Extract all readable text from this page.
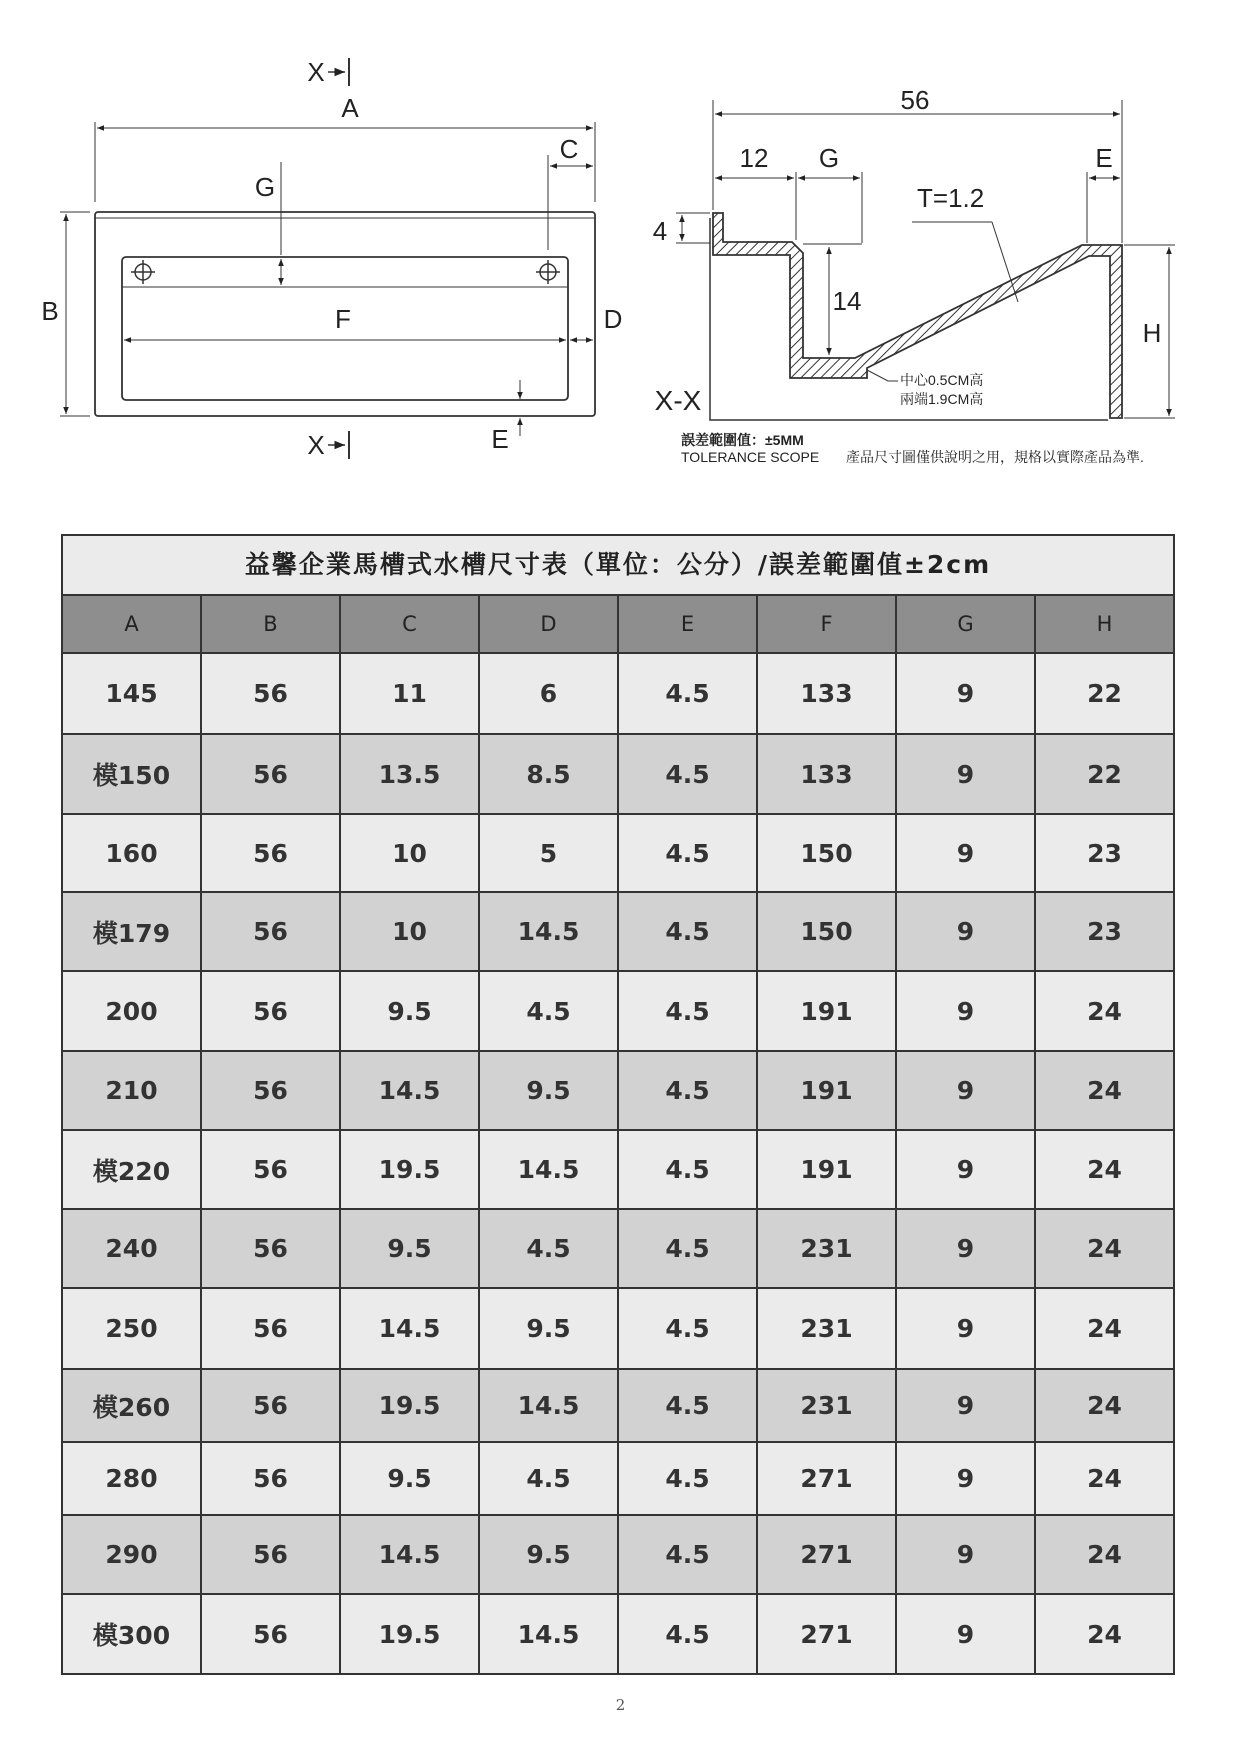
A
C
G
B	F	D
E
X
X
56
12 G	E
T=1.2
4
14
H
X-X
中心0.5CM高
兩端1.9CM高
誤差範圍值：±5MM
TOLERANCE SCOPE 產品尺寸圖僅供說明之用，規格以實際產品為準.
益馨企業馬槽式水槽尺寸表（單位：公分）/誤差範圍值±2cm
A	B	C	D	E	F	G	H
145	56	11	6	4.5	133	9	22
模150	56	13.5	8.5	4.5	133	9	22
160	56	10	5	4.5	150	9	23
模179	56	10	14.5	4.5	150	9	23
200	56	9.5	4.5	4.5	191	9	24
210	56	14.5	9.5	4.5	191	9	24
模220	56	19.5	14.5	4.5	191	9	24
240	56	9.5	4.5	4.5	231	9	24
250	56	14.5	9.5	4.5	231	9	24
模260	56	19.5	14.5	4.5	231	9	24
280	56	9.5	4.5	4.5	271	9	24
290	56	14.5	9.5	4.5	271	9	24
模300	56	19.5	14.5	4.5	271	9	24
2
